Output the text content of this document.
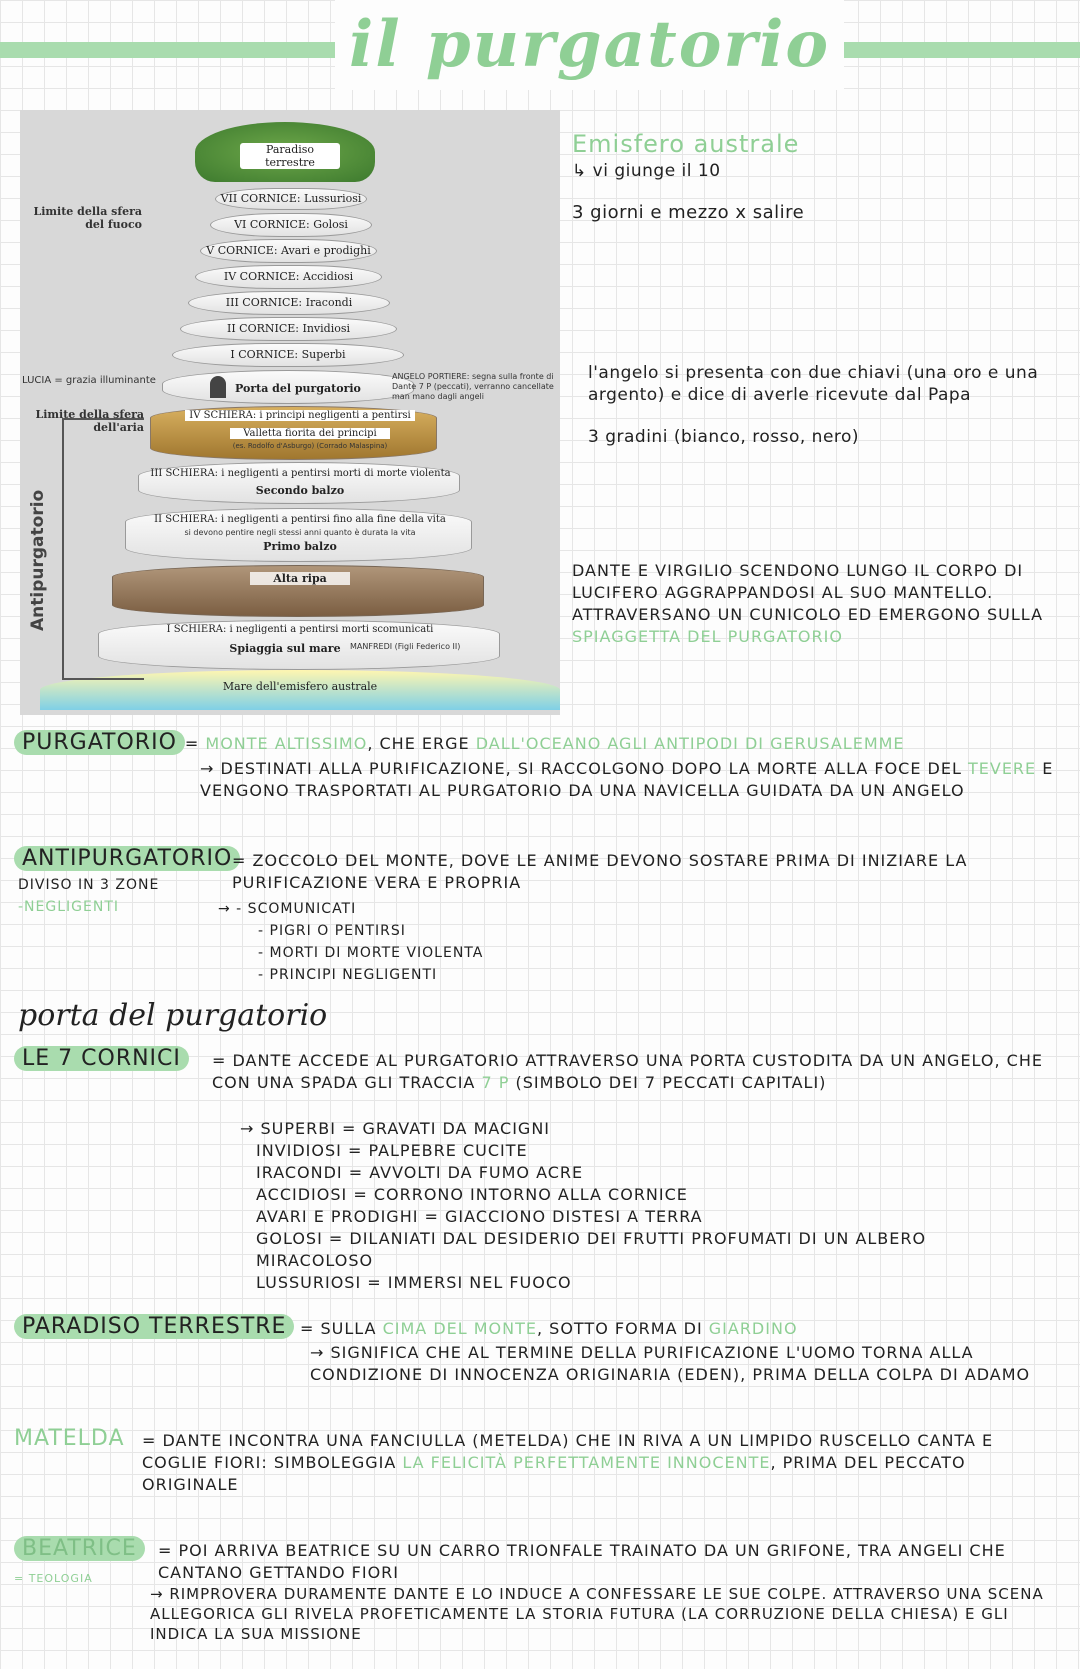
il purgatorio
Paradiso terrestre
Limite della sfera del fuoco
Limite della sfera dell'aria
LUCIA = grazia illuminante
VII CORNICE: Lussuriosi
VI CORNICE: Golosi
V CORNICE: Avari e prodighi
IV CORNICE: Accidiosi
III CORNICE: Iracondi
II CORNICE: Invidiosi
I CORNICE: Superbi
Porta del purgatorio
ANGELO PORTIERE: segna sulla fronte di Dante 7 P (peccati), verranno cancellate man mano dagli angeli
IV SCHIERA: i principi negligenti a pentirsi
Valletta fiorita dei principi
(es. Rodolfo d'Asburgo) (Corrado Malaspina)
III SCHIERA: i negligenti a pentirsi morti di morte violenta
Secondo balzo
II SCHIERA: i negligenti a pentirsi fino alla fine della vita
si devono pentire negli stessi anni quanto è durata la vita
Primo balzo
Alta ripa
I SCHIERA: i negligenti a pentirsi morti scomunicati
Spiaggia sul mare	MANFREDI (Figli Federico II)
Mare dell'emisfero australe
Antipurgatorio
Emisfero australe
↳ vi giunge il 10
3 giorni e mezzo x salire
l'angelo si presenta con due chiavi (una oro e una argento) e dice di averle ricevute dal Papa
3 gradini (bianco, rosso, nero)
DANTE E VIRGILIO SCENDONO LUNGO IL CORPO DI LUCIFERO AGGRAPPANDOSI AL SUO MANTELLO. ATTRAVERSANO UN CUNICOLO ED EMERGONO SULLA SPIAGGETTA DEL PURGATORIO
PURGATORIO = MONTE ALTISSIMO, CHE ERGE DALL'OCEANO AGLI ANTIPODI DI GERUSALEMME
→ DESTINATI ALLA PURIFICAZIONE, SI RACCOLGONO DOPO LA MORTE ALLA FOCE DEL TEVERE E VENGONO TRASPORTATI AL PURGATORIO DA UNA NAVICELLA GUIDATA DA UN ANGELO
ANTIPURGATORIO = ZOCCOLO DEL MONTE, DOVE LE ANIME DEVONO SOSTARE PRIMA DI INIZIARE LA PURIFICAZIONE VERA E PROPRIA
DIVISO IN 3 ZONE
-NEGLIGENTI	→ - SCOMUNICATI
- PIGRI O PENTIRSI
- MORTI DI MORTE VIOLENTA
- PRINCIPI NEGLIGENTI
porta del purgatorio
LE 7 CORNICI	= DANTE ACCEDE AL PURGATORIO ATTRAVERSO UNA PORTA CUSTODITA DA UN ANGELO, CHE CON UNA SPADA GLI TRACCIA 7 P (SIMBOLO DEI 7 PECCATI CAPITALI)
→ SUPERBI = GRAVATI DA MACIGNI
INVIDIOSI = PALPEBRE CUCITE
IRACONDI = AVVOLTI DA FUMO ACRE
ACCIDIOSI = CORRONO INTORNO ALLA CORNICE
AVARI E PRODIGHI = GIACCIONO DISTESI A TERRA
GOLOSI = DILANIATI DAL DESIDERIO DEI FRUTTI PROFUMATI DI UN ALBERO MIRACOLOSO
LUSSURIOSI = IMMERSI NEL FUOCO
PARADISO TERRESTRE = SULLA CIMA DEL MONTE, SOTTO FORMA DI GIARDINO
→ SIGNIFICA CHE AL TERMINE DELLA PURIFICAZIONE L'UOMO TORNA ALLA CONDIZIONE DI INNOCENZA ORIGINARIA (EDEN), PRIMA DELLA COLPA DI ADAMO
MATELDA = DANTE INCONTRA UNA FANCIULLA (METELDA) CHE IN RIVA A UN LIMPIDO RUSCELLO CANTA E COGLIE FIORI: SIMBOLEGGIA LA FELICITÀ PERFETTAMENTE INNOCENTE, PRIMA DEL PECCATO ORIGINALE
BEATRICE
= TEOLOGIA
= POI ARRIVA BEATRICE SU UN CARRO TRIONFALE TRAINATO DA UN GRIFONE, TRA ANGELI CHE CANTANO GETTANDO FIORI
→ RIMPROVERA DURAMENTE DANTE E LO INDUCE A CONFESSARE LE SUE COLPE. ATTRAVERSO UNA SCENA ALLEGORICA GLI RIVELA PROFETICAMENTE LA STORIA FUTURA (LA CORRUZIONE DELLA CHIESA) E GLI INDICA LA SUA MISSIONE
